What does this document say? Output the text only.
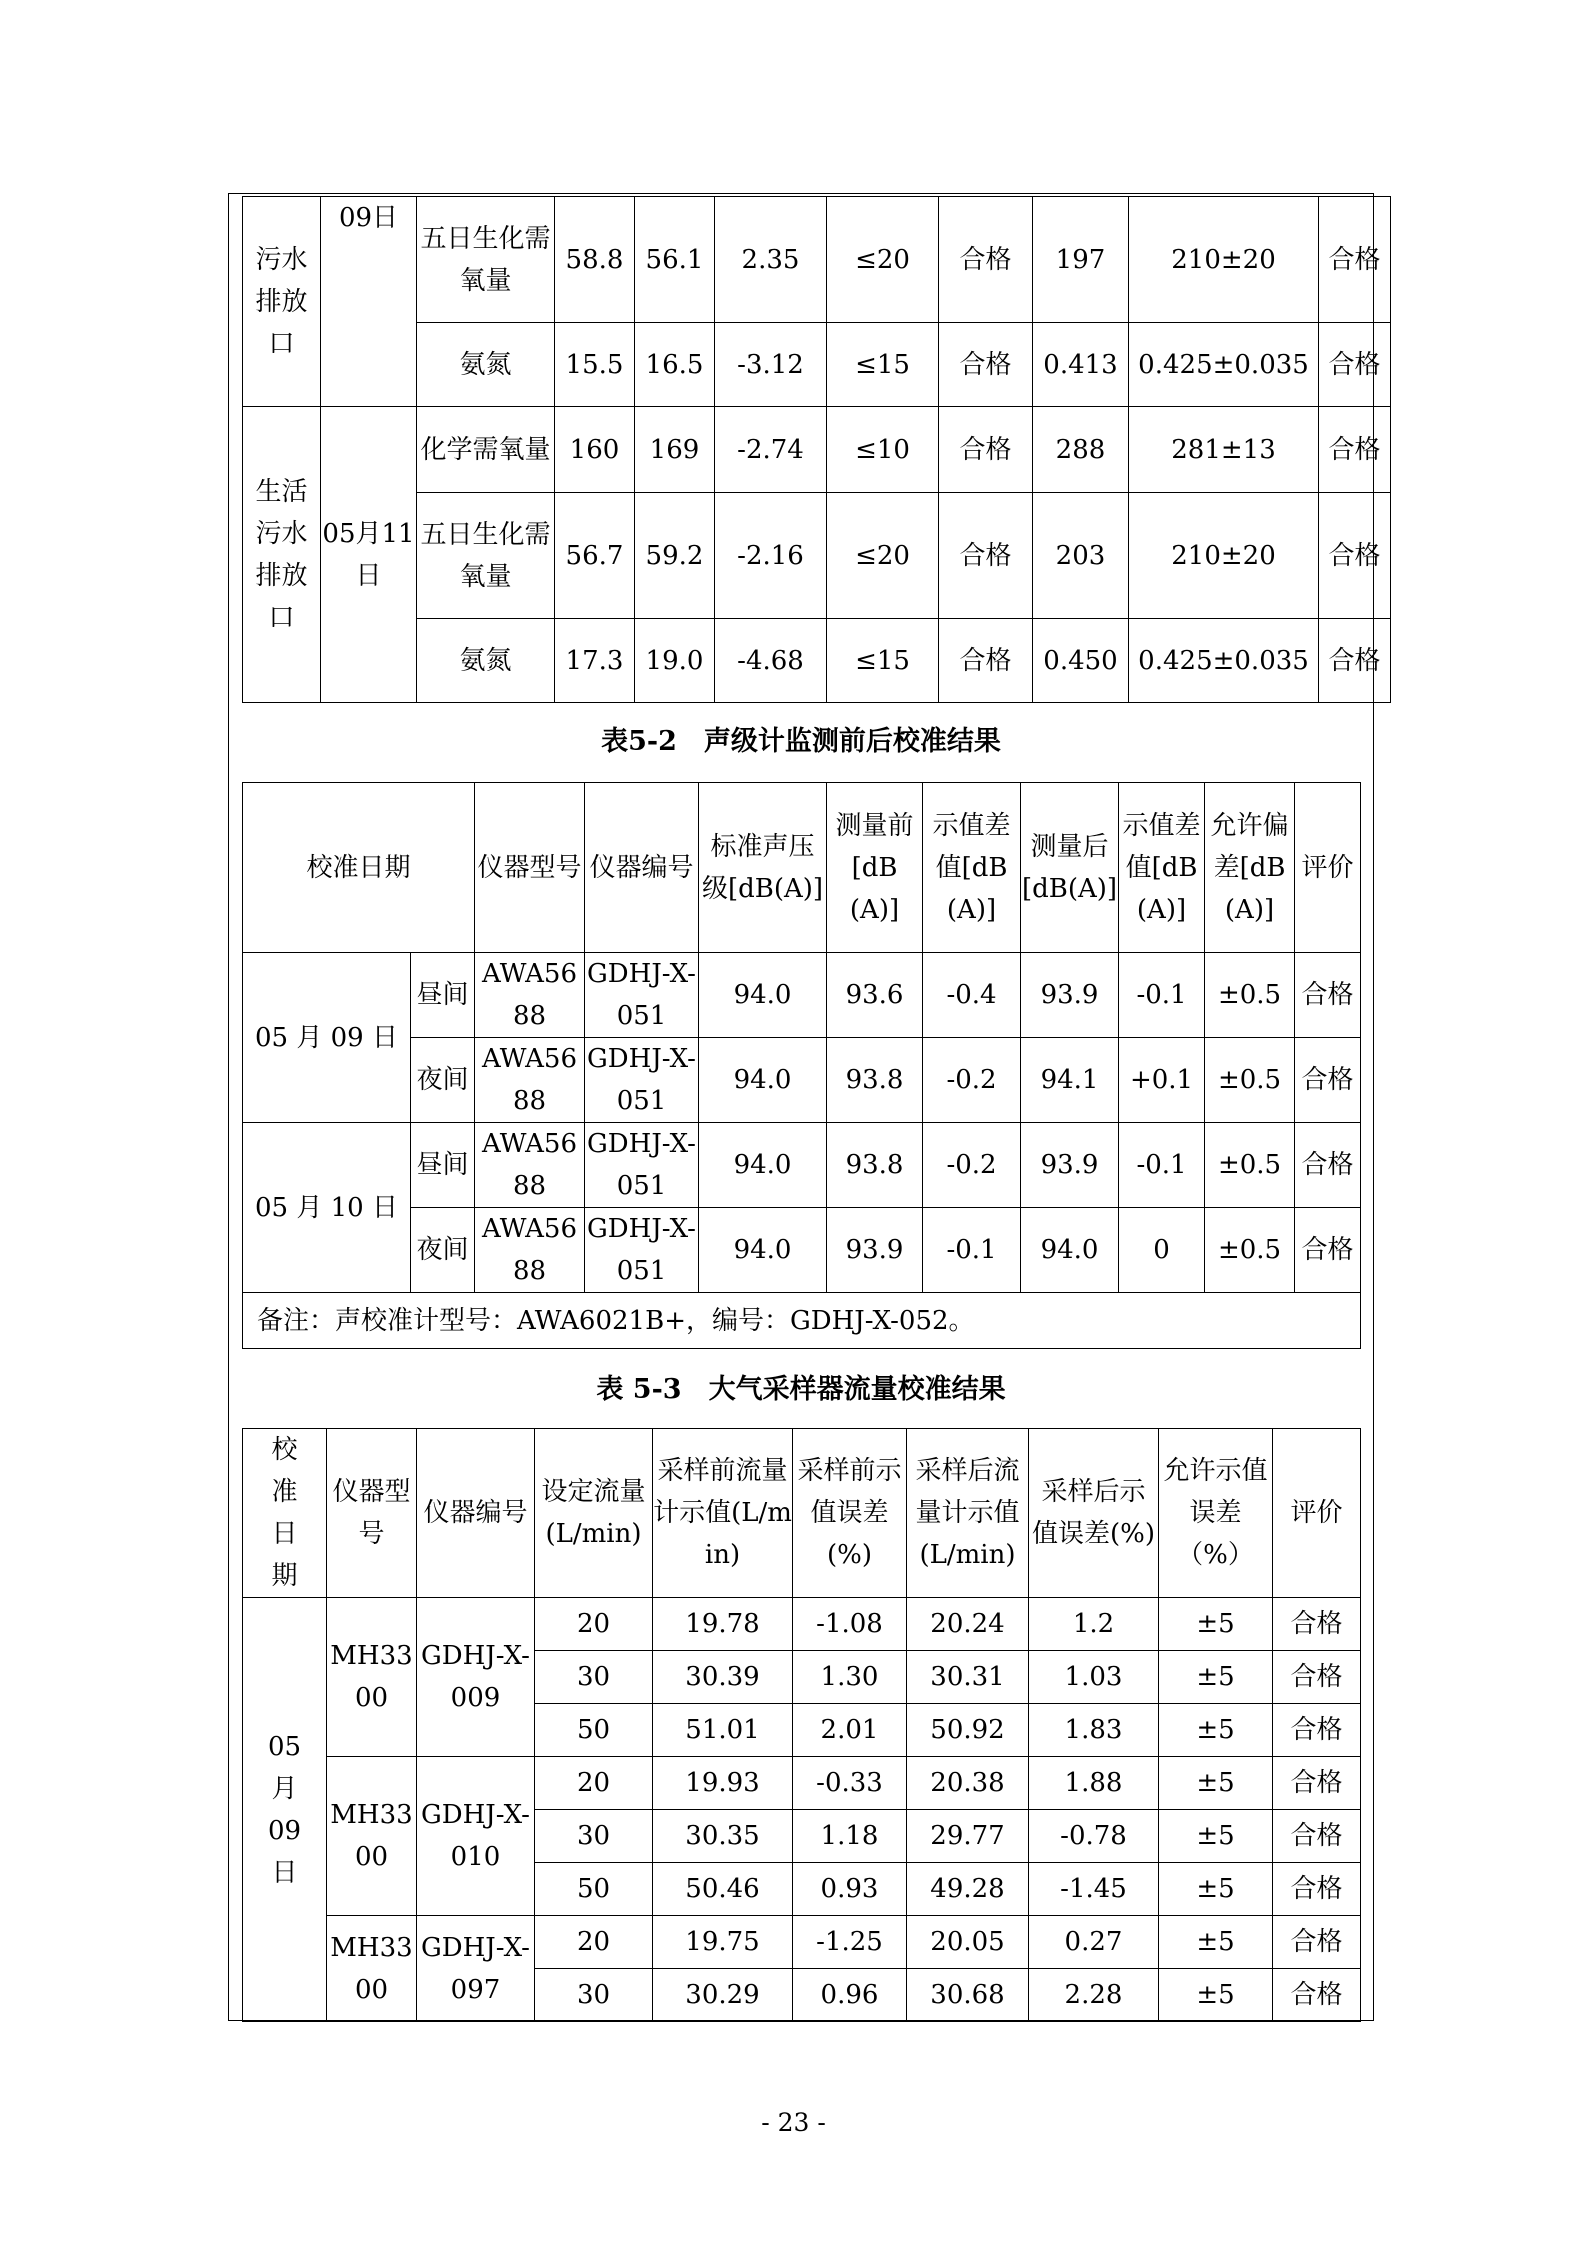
污水排放口	09日	五日生化需氧量	58.8	56.1	2.35	≤20	合格	197	210±20	合格
		氨氮	15.5	16.5	-3.12	≤15	合格	0.413	0.425±0.035	合格
生活污水排放口	05月11日	化学需氧量	160	169	-2.74	≤10	合格	288	281±13	合格
		五日生化需氧量	56.7	59.2	-2.16	≤20	合格	203	210±20	合格
		氨氮	17.3	19.0	-4.68	≤15	合格	0.450	0.425±0.035	合格
表5-2　声级计监测前后校准结果
校准日期		仪器型号	仪器编号	标准声压级[dB(A)]	测量前[dB(A)]	示值差值[dB(A)]	测量后[dB(A)]	示值差值[dB(A)]	允许偏差[dB(A)]	评价
05 月 09 日	昼间	AWA5688	GDHJ-X-051	94.0	93.6	-0.4	93.9	-0.1	±0.5	合格
	夜间	AWA5688	GDHJ-X-051	94.0	93.8	-0.2	94.1	+0.1	±0.5	合格
05 月 10 日	昼间	AWA5688	GDHJ-X-051	94.0	93.8	-0.2	93.9	-0.1	±0.5	合格
	夜间	AWA5688	GDHJ-X-051	94.0	93.9	-0.1	94.0	0	±0.5	合格
备注：声校准计型号：AWA6021B+，编号：GDHJ-X-052。										
表 5-3　大气采样器流量校准结果
校准日期	仪器型号	仪器编号	设定流量(L/min)	采样前流量计示值(L/min)	采样前示值误差(%)	采样后流量计示值(L/min)	采样后示值误差(%)	允许示值误差（%）	评价
05月09日	MH3300	GDHJ-X-009	20	19.78	-1.08	20.24	1.2	±5	合格
			30	30.39	1.30	30.31	1.03	±5	合格
			50	51.01	2.01	50.92	1.83	±5	合格
	MH3300	GDHJ-X-010	20	19.93	-0.33	20.38	1.88	±5	合格
			30	30.35	1.18	29.77	-0.78	±5	合格
			50	50.46	0.93	49.28	-1.45	±5	合格
	MH3300	GDHJ-X-097	20	19.75	-1.25	20.05	0.27	±5	合格
			30	30.29	0.96	30.68	2.28	±5	合格
- 23 -
